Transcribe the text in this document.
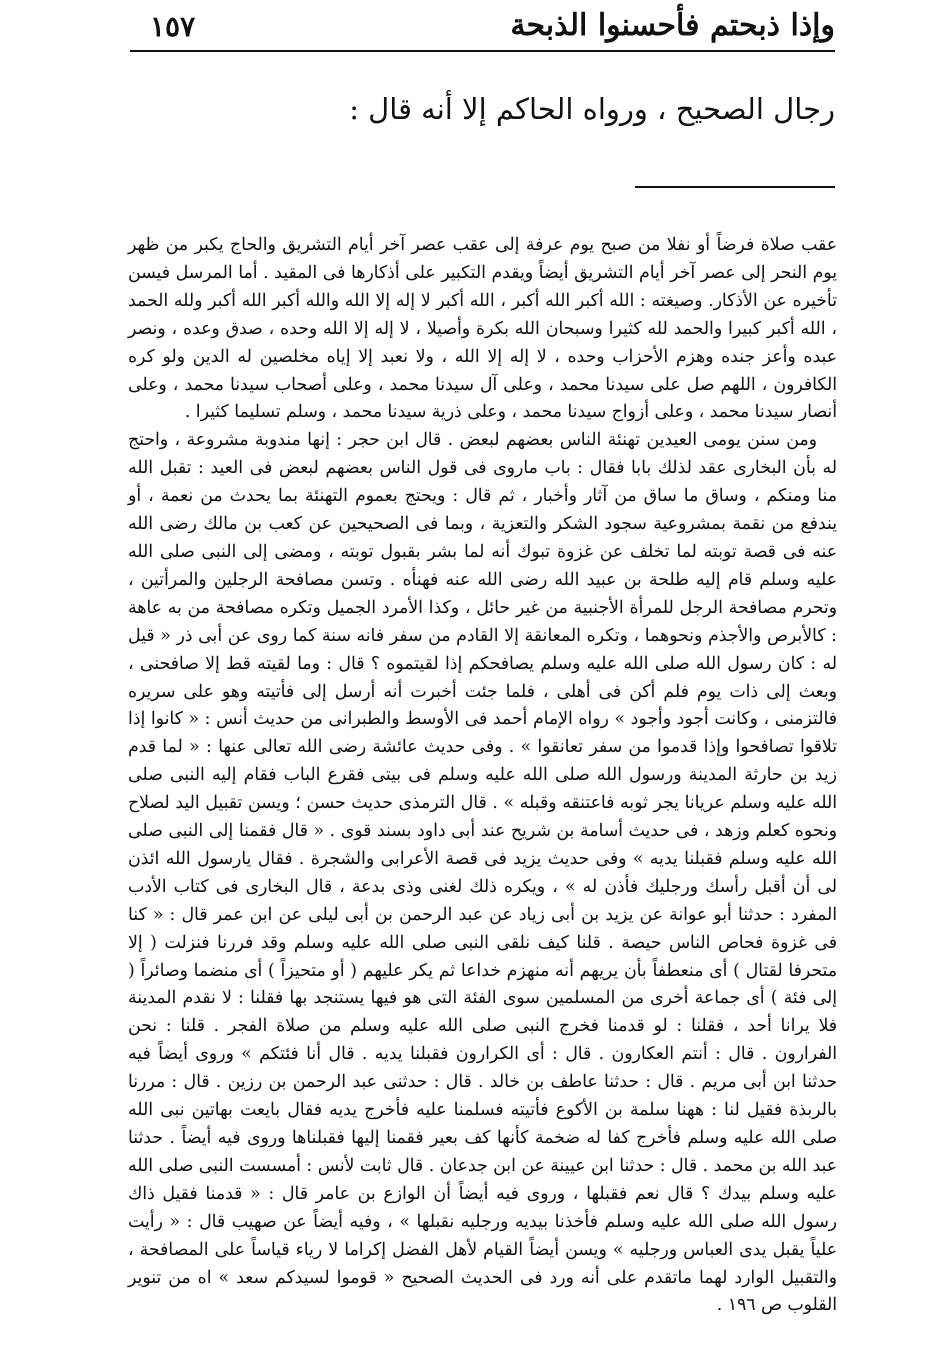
١٥٧	وإذا ذبحتم فأحسنوا الذبحة
رجال الصحيح ، ورواه الحاكم إلا أنه قال :

عقب صلاة فرضاً أو نفلا من صبح يوم عرفة إلى عقب عصر آخر أيام التشريق والحاج يكبر من ظهر يوم النحر إلى عصر آخر أيام التشريق أيضاً ويقدم التكبير على أذكارها فى المقيد . أما المرسل فيسن تأخيره عن الأذكار. وصيغته : الله أكبر الله أكبر ، الله أكبر لا إله إلا الله والله أكبر الله أكبر ولله الحمد ، الله أكبر كبيرا والحمد لله كثيرا وسبحان الله بكرة وأصيلا ، لا إله إلا الله وحده ، صدق وعده ، ونصر عبده وأعز جنده وهزم الأحزاب وحده ، لا إله إلا الله ، ولا نعبد إلا إياه مخلصين له الدين ولو كره الكافرون ، اللهم صل على سيدنا محمد ، وعلى آل سيدنا محمد ، وعلى أصحاب سيدنا محمد ، وعلى أنصار سيدنا محمد ، وعلى أزواج سيدنا محمد ، وعلى ذرية سيدنا محمد ، وسلم تسليما كثيرا .

ومن سنن يومى العيدين تهنئة الناس بعضهم لبعض . قال ابن حجر : إنها مندوبة مشروعة ، واحتج له بأن البخارى عقد لذلك بابا فقال : باب ماروى فى قول الناس بعضهم لبعض فى العيد : تقبل الله منا ومنكم ، وساق ما ساق من آثار وأخبار ، ثم قال : ويحتج بعموم التهنئة بما يحدث من نعمة ، أو يندفع من نقمة بمشروعية سجود الشكر والتعزية ، وبما فى الصحيحين عن كعب بن مالك رضى الله عنه فى قصة توبته لما تخلف عن غزوة تبوك أنه لما بشر بقبول توبته ، ومضى إلى النبى صلى الله عليه وسلم قام إليه طلحة بن عبيد الله رضى الله عنه فهنأه . وتسن مصافحة الرجلين والمرأتين ، وتحرم مصافحة الرجل للمرأة الأجنبية من غير حائل ، وكذا الأمرد الجميل وتكره مصافحة من به عاهة : كالأبرص والأجذم ونحوهما ، وتكره المعانقة إلا القادم من سفر فانه سنة كما روى عن أبى ذر « قيل له : كان رسول الله صلى الله عليه وسلم يصافحكم إذا لقيتموه ؟ قال : وما لقيته قط إلا صافحنى ، وبعث إلى ذات يوم فلم أكن فى أهلى ، فلما جئت أخبرت أنه أرسل إلى فأتيته وهو على سريره فالتزمنى ، وكانت أجود وأجود » رواه الإمام أحمد فى الأوسط والطبرانى من حديث أنس : « كانوا إذا تلاقوا تصافحوا وإذا قدموا من سفر تعانقوا » . وفى حديث عائشة رضى الله تعالى عنها : « لما قدم زيد بن حارثة المدينة ورسول الله صلى الله عليه وسلم فى بيتى فقرع الباب فقام إليه النبى صلى الله عليه وسلم عريانا يجر ثوبه فاعتنقه وقبله » . قال الترمذى حديث حسن ؛ ويسن تقبيل اليد لصلاح ونحوه كعلم وزهد ، فى حديث أسامة بن شريح عند أبى داود بسند قوى . « قال فقمنا إلى النبى صلى الله عليه وسلم فقبلنا يديه » وفى حديث يزيد فى قصة الأعرابى والشجرة . فقال يارسول الله ائذن لى أن أقبل رأسك ورجليك فأذن له » ، ويكره ذلك لغنى وذى بدعة ، قال البخارى فى كتاب الأدب المفرد : حدثنا أبو عوانة عن يزيد بن أبى زياد عن عبد الرحمن بن أبى ليلى عن ابن عمر قال : « كنا فى غزوة فحاص الناس حيصة . قلنا كيف نلقى النبى صلى الله عليه وسلم وقد فررنا فنزلت ( إلا متحرفا لقتال ) أى منعطفاً بأن يريهم أنه منهزم خداعا ثم يكر عليهم ( أو متحيزاً ) أى منضما وصائراً ( إلى فئة ) أى جماعة أخرى من المسلمين سوى الفئة التى هو فيها يستنجد بها فقلنا : لا نقدم المدينة فلا يرانا أحد ، فقلنا : لو قدمنا فخرج النبى صلى الله عليه وسلم من صلاة الفجر . قلنا : نحن الفرارون . قال : أنتم العكارون . قال : أى الكرارون فقبلنا يديه . قال أنا فئتكم » وروى أيضاً فيه حدثنا ابن أبى مريم . قال : حدثنا عاطف بن خالد . قال : حدثنى عبد الرحمن بن رزين . قال : مررنا بالربذة فقيل لنا : ههنا سلمة بن الأكوع فأتيته فسلمنا عليه فأخرج يديه فقال بايعت بهاتين نبى الله صلى الله عليه وسلم فأخرج كفا له ضخمة كأنها كف بعير فقمنا إليها فقبلناها وروى فيه أيضاً . حدثنا عبد الله بن محمد . قال : حدثنا ابن عيينة عن ابن جدعان . قال ثابت لأنس : أمسست النبى صلى الله عليه وسلم بيدك ؟ قال نعم فقبلها ، وروى فيه أيضاً أن الوازع بن عامر قال : « قدمنا فقيل ذاك رسول الله صلى الله عليه وسلم فأخذنا بيديه ورجليه نقبلها » ، وفيه أيضاً عن صهيب قال : « رأيت علياً يقبل يدى العباس ورجليه » ويسن أيضاً القيام لأهل الفضل إكراما لا رياء قياساً على المصافحة ، والتقبيل الوارد لهما ماتقدم على أنه ورد فى الحديث الصحيح « قوموا لسيدكم سعد » اه من تنوير القلوب ص ١٩٦ .
